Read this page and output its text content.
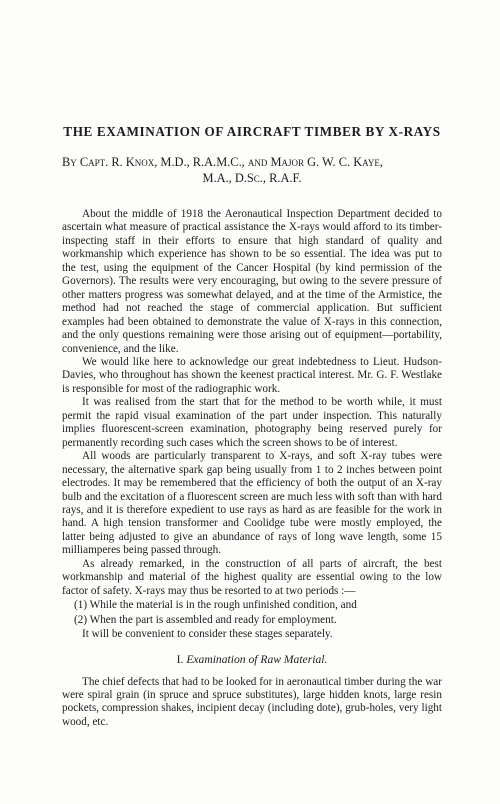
THE EXAMINATION OF AIRCRAFT TIMBER BY X-RAYS
By Capt. R. Knox, M.D., R.A.M.C., and Major G. W. C. Kaye,
M.A., D.Sc., R.A.F.

About the middle of 1918 the Aeronautical Inspection Department decided to ascertain what measure of practical assistance the X-rays would afford to its timber-inspecting staff in their efforts to ensure that high standard of quality and workmanship which experience has shown to be so essential. The idea was put to the test, using the equipment of the Cancer Hospital (by kind permission of the Governors). The results were very encouraging, but owing to the severe pressure of other matters progress was somewhat delayed, and at the time of the Armistice, the method had not reached the stage of commercial application. But sufficient examples had been obtained to demonstrate the value of X-rays in this connection, and the only questions remaining were those arising out of equipment—portability, convenience, and the like.

We would like here to acknowledge our great indebtedness to Lieut. Hudson-Davies, who throughout has shown the keenest practical interest. Mr. G. F. Westlake is responsible for most of the radiographic work.

It was realised from the start that for the method to be worth while, it must permit the rapid visual examination of the part under inspection. This naturally implies fluorescent-screen examination, photography being reserved purely for permanently recording such cases which the screen shows to be of interest.

All woods are particularly transparent to X-rays, and soft X-ray tubes were necessary, the alternative spark gap being usually from 1 to 2 inches between point electrodes. It may be remembered that the efficiency of both the output of an X-ray bulb and the excitation of a fluorescent screen are much less with soft than with hard rays, and it is therefore expedient to use rays as hard as are feasible for the work in hand. A high tension transformer and Coolidge tube were mostly employed, the latter being adjusted to give an abundance of rays of long wave length, some 15 milliamperes being passed through.

As already remarked, in the construction of all parts of aircraft, the best workmanship and material of the highest quality are essential owing to the low factor of safety. X-rays may thus be resorted to at two periods :—

(1) While the material is in the rough unfinished condition, and

(2) When the part is assembled and ready for employment.

It will be convenient to consider these stages separately.

I. Examination of Raw Material.

The chief defects that had to be looked for in aeronautical timber during the war were spiral grain (in spruce and spruce substitutes), large hidden knots, large resin pockets, compression shakes, incipient decay (including dote), grub-holes, very light wood, etc.
